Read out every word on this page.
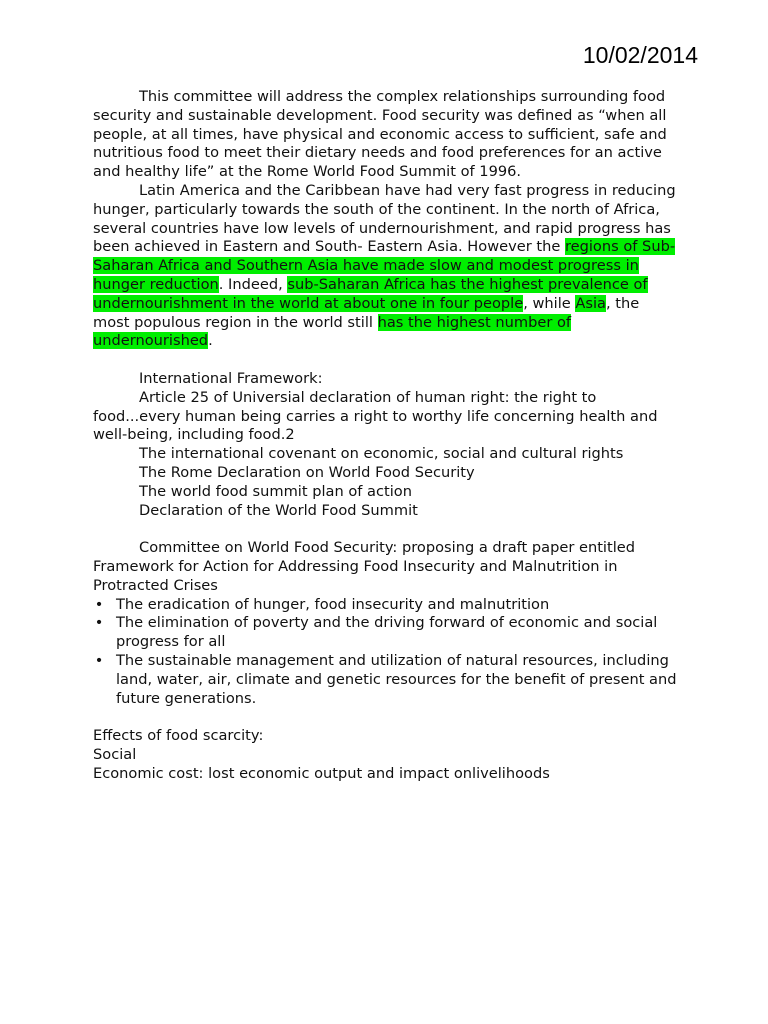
10/02/2014

This committee will address the complex relationships surrounding food security and sustainable development. Food security was defined as “when all people, at all times, have physical and economic access to sufficient, safe and nutritious food to meet their dietary needs and food preferences for an active and healthy life” at the Rome World Food Summit of 1996.

Latin America and the Caribbean have had very fast progress in reducing hunger, particularly towards the south of the continent. In the north of Africa, several countries have low levels of undernourishment, and rapid progress has been achieved in Eastern and South- Eastern Asia. However the regions of Sub-Saharan Africa and Southern Asia have made slow and modest progress in hunger reduction. Indeed, sub-Saharan Africa has the highest prevalence of undernourishment in the world at about one in four people, while Asia, the most populous region in the world still has the highest number of undernourished.

International Framework:

Article 25 of Universial declaration of human right: the right to food...every human being carries a right to worthy life concerning health and well-being, including food.2

The international covenant on economic, social and cultural rights

The Rome Declaration on World Food Security

The world food summit plan of action

Declaration of the World Food Summit

Committee on World Food Security: proposing a draft paper entitled Framework for Action for Addressing Food Insecurity and Malnutrition in Protracted Crises

• The eradication of hunger, food insecurity and malnutrition
• The elimination of poverty and the driving forward of economic and social progress for all
• The sustainable management and utilization of natural resources, including land, water, air, climate and genetic resources for the benefit of present and future generations.

Effects of food scarcity:

Social

Economic cost: lost economic output and impact onlivelihoods
